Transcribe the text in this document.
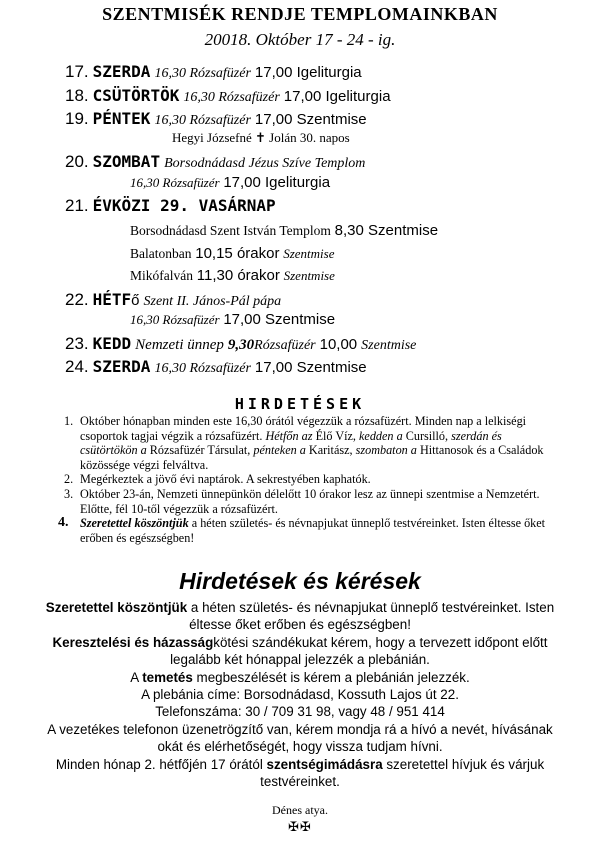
SZENTMISÉK RENDJE TEMPLOMAINKBAN
20018. Október 17 - 24 - ig.
17. SZERDA 16,30 Rózsafüzér 17,00 Igeliturgia
18. CSÜTÖRTÖK 16,30 Rózsafüzér 17,00 Igeliturgia
19. PÉNTEK 16,30 Rózsafüzér 17,00 Szentmise
Hegyi Józsefné ✝ Jolán 30. napos
20. SZOMBAT Borsodnádasd Jézus Szíve Templom
16,30 Rózsafüzér 17,00 Igeliturgia
21. ÉVKÖZI 29. VASÁRNAP
Borsodnádasd Szent István Templom 8,30 Szentmise
Balatonban 10,15 órakor Szentmise
Mikófalván 11,30 órakor Szentmise
22. HÉTFő Szent II. János-Pál pápa
16,30 Rózsafüzér 17,00 Szentmise
23. KEDD Nemzeti ünnep 9,30Rózsafüzér 10,00 Szentmise
24. SZERDA 16,30 Rózsafüzér 17,00 Szentmise
HIRDETÉSEK
1. Október hónapban minden este 16,30 órától végezzük a rózsafüzért. Minden nap a lelkiségi csoportok tagjai végzik a rózsafüzért. Hétfőn az Élő Víz, kedden a Cursilló, szerdán és csütörtökön a Rózsafüzér Társulat, pénteken a Karitász, szombaton a Hittanosok és a Családok közössége végzi felváltva.
2. Megérkeztek a jövő évi naptárok. A sekrestyében kaphatók.
3. Október 23-án, Nemzeti ünnepünkön délelőtt 10 órakor lesz az ünnepi szentmise a Nemzetért. Előtte, fél 10-től végezzük a rózsafüzért.
4. Szeretettel köszöntjük a héten születés- és névnapjukat ünneplő testvéreinket. Isten éltesse őket erőben és egészségben!
Hirdetések és kérések
Szeretettel köszöntjük a héten születés- és névnapjukat ünneplő testvéreinket. Isten éltesse őket erőben és egészségben!
Keresztelési és házasságkötési szándékukat kérem, hogy a tervezett időpont előtt legalább két hónappal jelezzék a plebánián.
A temetés megbeszélését is kérem a plebánián jelezzék.
A plebánia címe: Borsodnádasd, Kossuth Lajos út 22.
Telefonszáma: 30 / 709 31 98, vagy 48 / 951 414
A vezetékes telefonon üzenetrögzítő van, kérem mondja rá a hívó a nevét, hívásának okát és elérhetőségét, hogy vissza tudjam hívni.
Minden hónap 2. hétfőjén 17 órától szentségimádásra szeretettel hívjuk és várjuk testvéreinket.
Dénes atya.
✠✠
